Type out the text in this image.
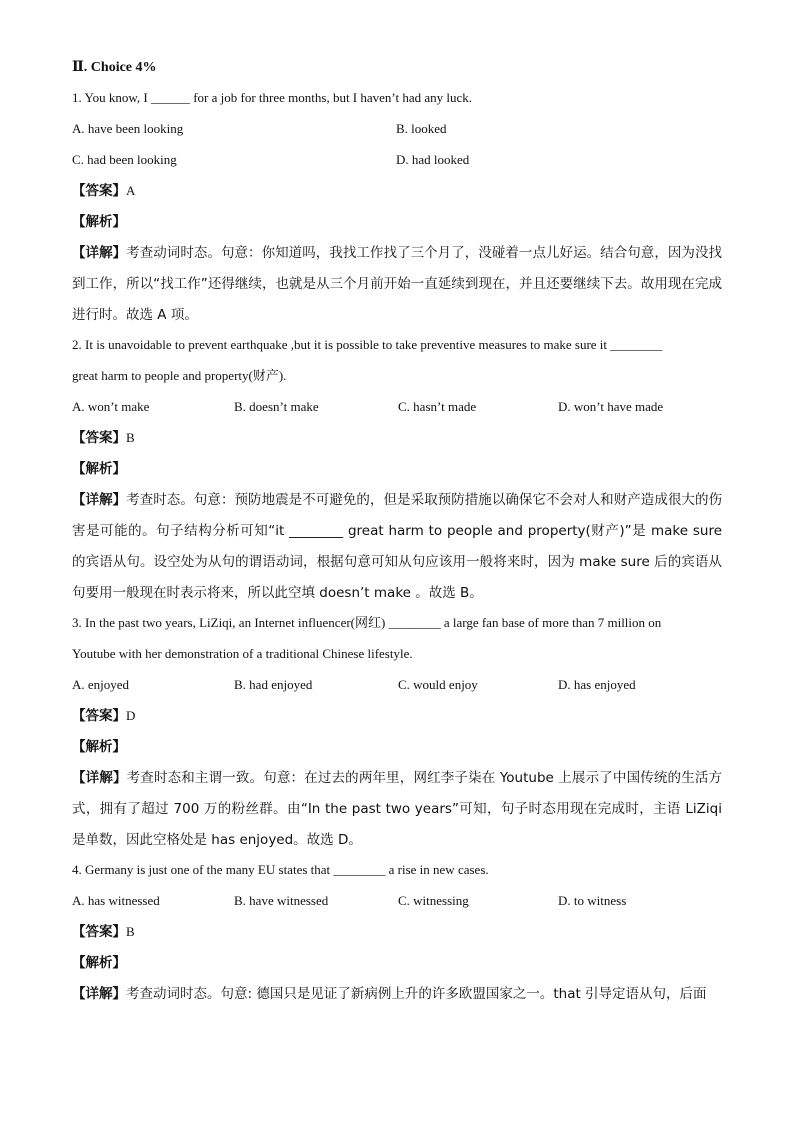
Ⅱ. Choice 4%

1. You know, I ______ for a job for three months, but I haven’t had any luck.

A. have been looking	B. looked
C. had been looking	D. had looked

【答案】A

【解析】

【详解】考查动词时态。句意：你知道吗，我找工作找了三个月了，没碰着一点儿好运。结合句意，因为没找到工作，所以“找工作”还得继续，也就是从三个月前开始一直延续到现在，并且还要继续下去。故用现在完成进行时。故选 A 项。

2. It is unavoidable to prevent earthquake ,but it is possible to take preventive measures to make sure it ________

great harm to people and property(财产).

A. won’t make	B. doesn’t make	C. hasn’t made	D. won’t have made

【答案】B

【解析】

【详解】考查时态。句意：预防地震是不可避免的，但是采取预防措施以确保它不会对人和财产造成很大的伤害是可能的。句子结构分析可知“it ________ great harm to people and property(财产)”是 make sure 的宾语从句。设空处为从句的谓语动词，根据句意可知从句应该用一般将来时，因为 make sure 后的宾语从句要用一般现在时表示将来，所以此空填 doesn’t make 。故选 B。

3. In the past two years, LiZiqi, an Internet influencer(网红) ________ a large fan base of more than 7 million on

Youtube with her demonstration of a traditional Chinese lifestyle.

A. enjoyed	B. had enjoyed	C. would enjoy	D. has enjoyed

【答案】D

【解析】

【详解】考查时态和主谓一致。句意：在过去的两年里，网红李子柒在 Youtube 上展示了中国传统的生活方式，拥有了超过 700 万的粉丝群。由“In the past two years”可知，句子时态用现在完成时，主语 LiZiqi 是单数，因此空格处是 has enjoyed。故选 D。

4. Germany is just one of the many EU states that ________ a rise in new cases.

A. has witnessed	B. have witnessed	C. witnessing	D. to witness

【答案】B

【解析】

【详解】考查动词时态。句意: 德国只是见证了新病例上升的许多欧盟国家之一。that 引导定语从句，后面
